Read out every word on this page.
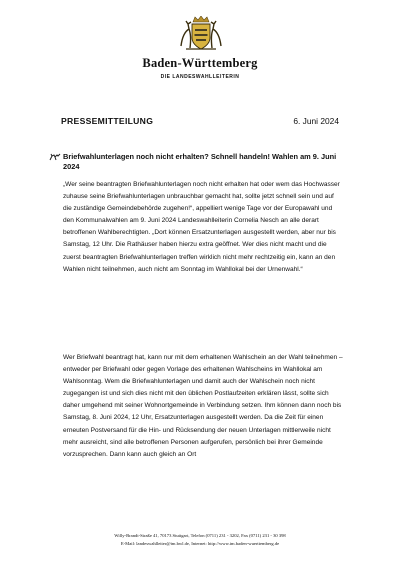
Baden-Württemberg
DIE LANDESWAHLLEITERIN
PRESSEMITTEILUNG	6. Juni 2024
Briefwahlunterlagen noch nicht erhalten? Schnell handeln! Wahlen am 9. Juni 2024
„Wer seine beantragten Briefwahlunterlagen noch nicht erhalten hat oder wem das Hochwasser zuhause seine Briefwahlunterlagen unbrauchbar gemacht hat, sollte jetzt schnell sein und auf die zuständige Gemeindebehörde zugehen!“, appelliert wenige Tage vor der Europawahl und den Kommunalwahlen am 9. Juni 2024 Landeswahlleiterin Cornelia Nesch an alle derart betroffenen Wahlberechtigten. „Dort können Ersatzunterlagen ausgestellt werden, aber nur bis Samstag, 12 Uhr. Die Rathäuser haben hierzu extra geöffnet. Wer dies nicht macht und die zuerst beantragten Briefwahlunterlagen treffen wirklich nicht mehr rechtzeitig ein, kann an den Wahlen nicht teilnehmen, auch nicht am Sonntag im Wahllokal bei der Urnenwahl.“
Wer Briefwahl beantragt hat, kann nur mit dem erhaltenen Wahlschein an der Wahl teilnehmen – entweder per Briefwahl oder gegen Vorlage des erhaltenen Wahlscheins im Wahllokal am Wahlsonntag. Wem die Briefwahlunterlagen und damit auch der Wahlschein noch nicht zugegangen ist und sich dies nicht mit den üblichen Postlaufzeiten erklären lässt, sollte sich daher umgehend mit seiner Wohnortgemeinde in Verbindung setzen. Ihm können dann noch bis Samstag, 8. Juni 2024, 12 Uhr, Ersatzunterlagen ausgestellt werden. Da die Zeit für einen erneuten Postversand für die Hin- und Rücksendung der neuen Unterlagen mittlerweile nicht mehr ausreicht, sind alle betroffenen Personen aufgerufen, persönlich bei ihrer Gemeinde vorzusprechen. Dann kann auch gleich an Ort
Willy-Brandt-Straße 41, 70173 Stuttgart, Telefon (0711) 231 - 3202, Fax (0711) 231 - 30 398
E-Mail: landeswahlleiter@im.bwl.de, Internet: http://www.im.baden-wuerttemberg.de
